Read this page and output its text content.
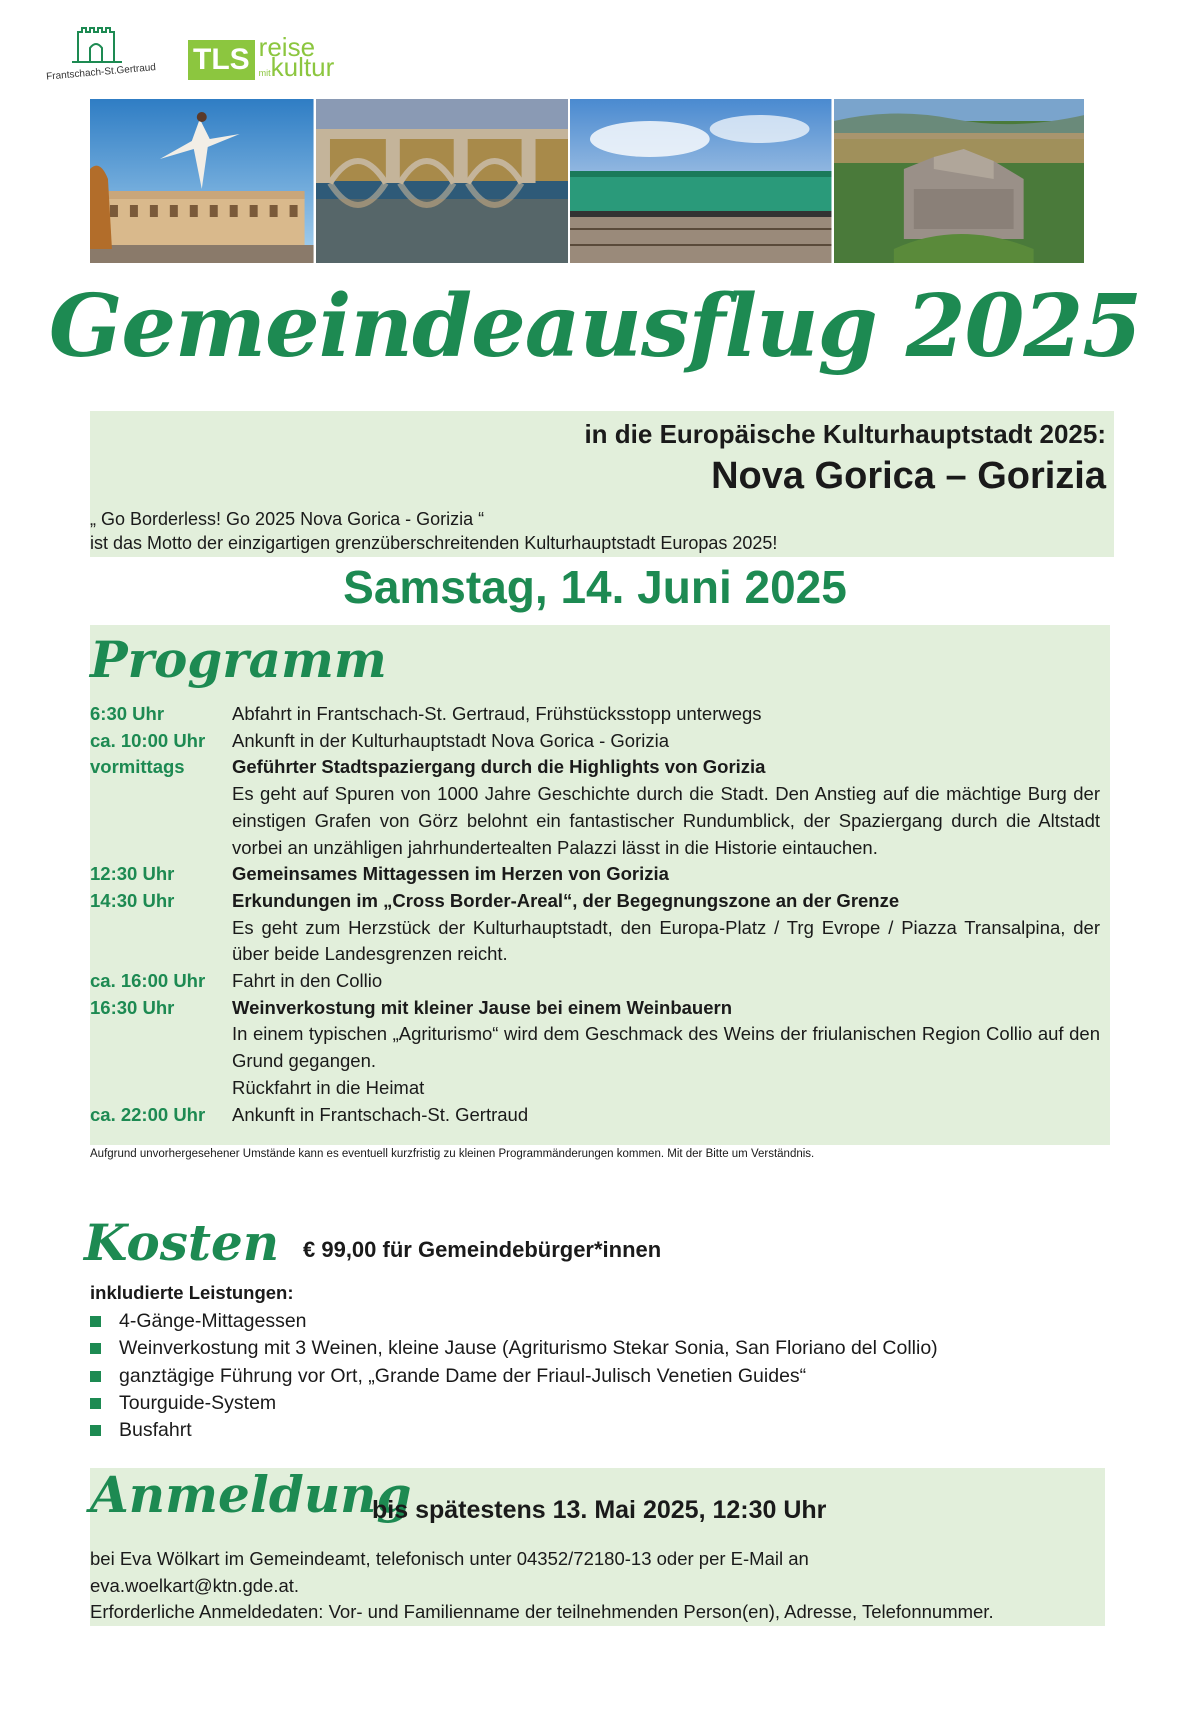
Frantschach-St.Gertraud	TLS reise
mitkultur
Gemeindeausflug 2025
in die Europäische Kulturhauptstadt 2025:
Nova Gorica – Gorizia
„ Go Borderless! Go 2025 Nova Gorica - Gorizia “
ist das Motto der einzigartigen grenzüberschreitenden Kulturhauptstadt Europas 2025!
Samstag, 14. Juni 2025
Programm
6:30 Uhr	Abfahrt in Frantschach-St. Gertraud, Frühstücksstopp unterwegs
ca. 10:00 Uhr	Ankunft in der Kulturhauptstadt Nova Gorica - Gorizia
vormittags	Geführter Stadtspaziergang durch die Highlights von Gorizia
Es geht auf Spuren von 1000 Jahre Geschichte durch die Stadt. Den Anstieg auf die mächtige Burg der einstigen Grafen von Görz belohnt ein fantastischer Rundumblick, der Spaziergang durch die Altstadt vorbei an unzähligen jahrhundertealten Palazzi lässt in die Historie eintauchen.
12:30 Uhr	Gemeinsames Mittagessen im Herzen von Gorizia
14:30 Uhr	Erkundungen im „Cross Border-Areal“, der Begegnungszone an der Grenze
Es geht zum Herzstück der Kulturhauptstadt, den Europa-Platz / Trg Evrope / Piazza Transalpina, der über beide Landesgrenzen reicht.
ca. 16:00 Uhr	Fahrt in den Collio
16:30 Uhr	Weinverkostung mit kleiner Jause bei einem Weinbauern
In einem typischen „Agriturismo“ wird dem Geschmack des Weins der friulanischen Region Collio auf den Grund gegangen.
Rückfahrt in die Heimat
ca. 22:00 Uhr	Ankunft in Frantschach-St. Gertraud
Aufgrund unvorhergesehener Umstände kann es eventuell kurzfristig zu kleinen Programmänderungen kommen. Mit der Bitte um Verständnis.
Kosten € 99,00 für Gemeindebürger*innen
inkludierte Leistungen:
4-Gänge-Mittagessen
Weinverkostung mit 3 Weinen, kleine Jause (Agriturismo Stekar Sonia, San Floriano del Collio)
ganztägige Führung vor Ort, „Grande Dame der Friaul-Julisch Venetien Guides“
Tourguide-System
Busfahrt
Anmeldung
bis spätestens 13. Mai 2025, 12:30 Uhr
bei Eva Wölkart im Gemeindeamt, telefonisch unter 04352/72180-13 oder per E-Mail an
eva.woelkart@ktn.gde.at.
Erforderliche Anmeldedaten: Vor- und Familienname der teilnehmenden Person(en), Adresse, Telefonnummer.
